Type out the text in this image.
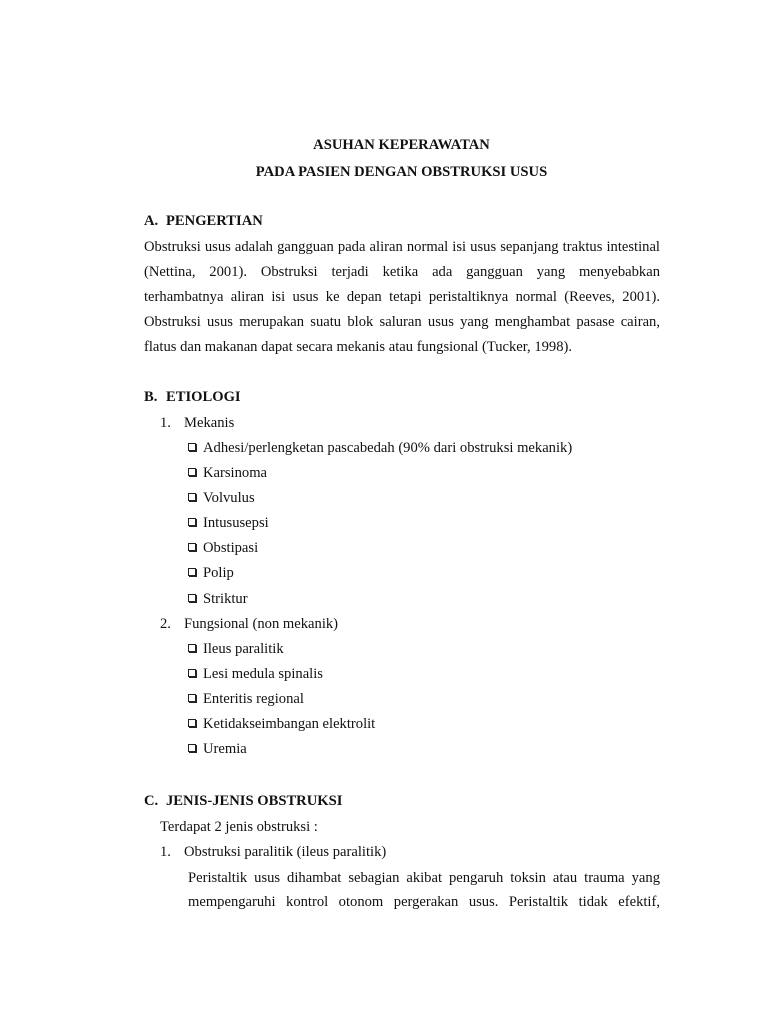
ASUHAN KEPERAWATAN
PADA PASIEN DENGAN OBSTRUKSI USUS
A. PENGERTIAN
Obstruksi usus adalah gangguan pada aliran normal isi usus sepanjang traktus intestinal (Nettina, 2001). Obstruksi terjadi ketika ada gangguan yang menyebabkan terhambatnya aliran isi usus ke depan tetapi peristaltiknya normal (Reeves, 2001). Obstruksi usus merupakan suatu blok saluran usus yang menghambat pasase cairan, flatus dan makanan dapat secara mekanis atau fungsional (Tucker, 1998).
B. ETIOLOGI
1. Mekanis
Adhesi/perlengketan pascabedah (90% dari obstruksi mekanik)
Karsinoma
Volvulus
Intususepsi
Obstipasi
Polip
Striktur
2. Fungsional (non mekanik)
Ileus paralitik
Lesi medula spinalis
Enteritis regional
Ketidakseimbangan elektrolit
Uremia
C. JENIS-JENIS OBSTRUKSI
Terdapat 2 jenis obstruksi :
1. Obstruksi paralitik (ileus paralitik)
Peristaltik usus dihambat sebagian akibat pengaruh toksin atau trauma yang
mempengaruhi kontrol otonom pergerakan usus. Peristaltik tidak efektif,
